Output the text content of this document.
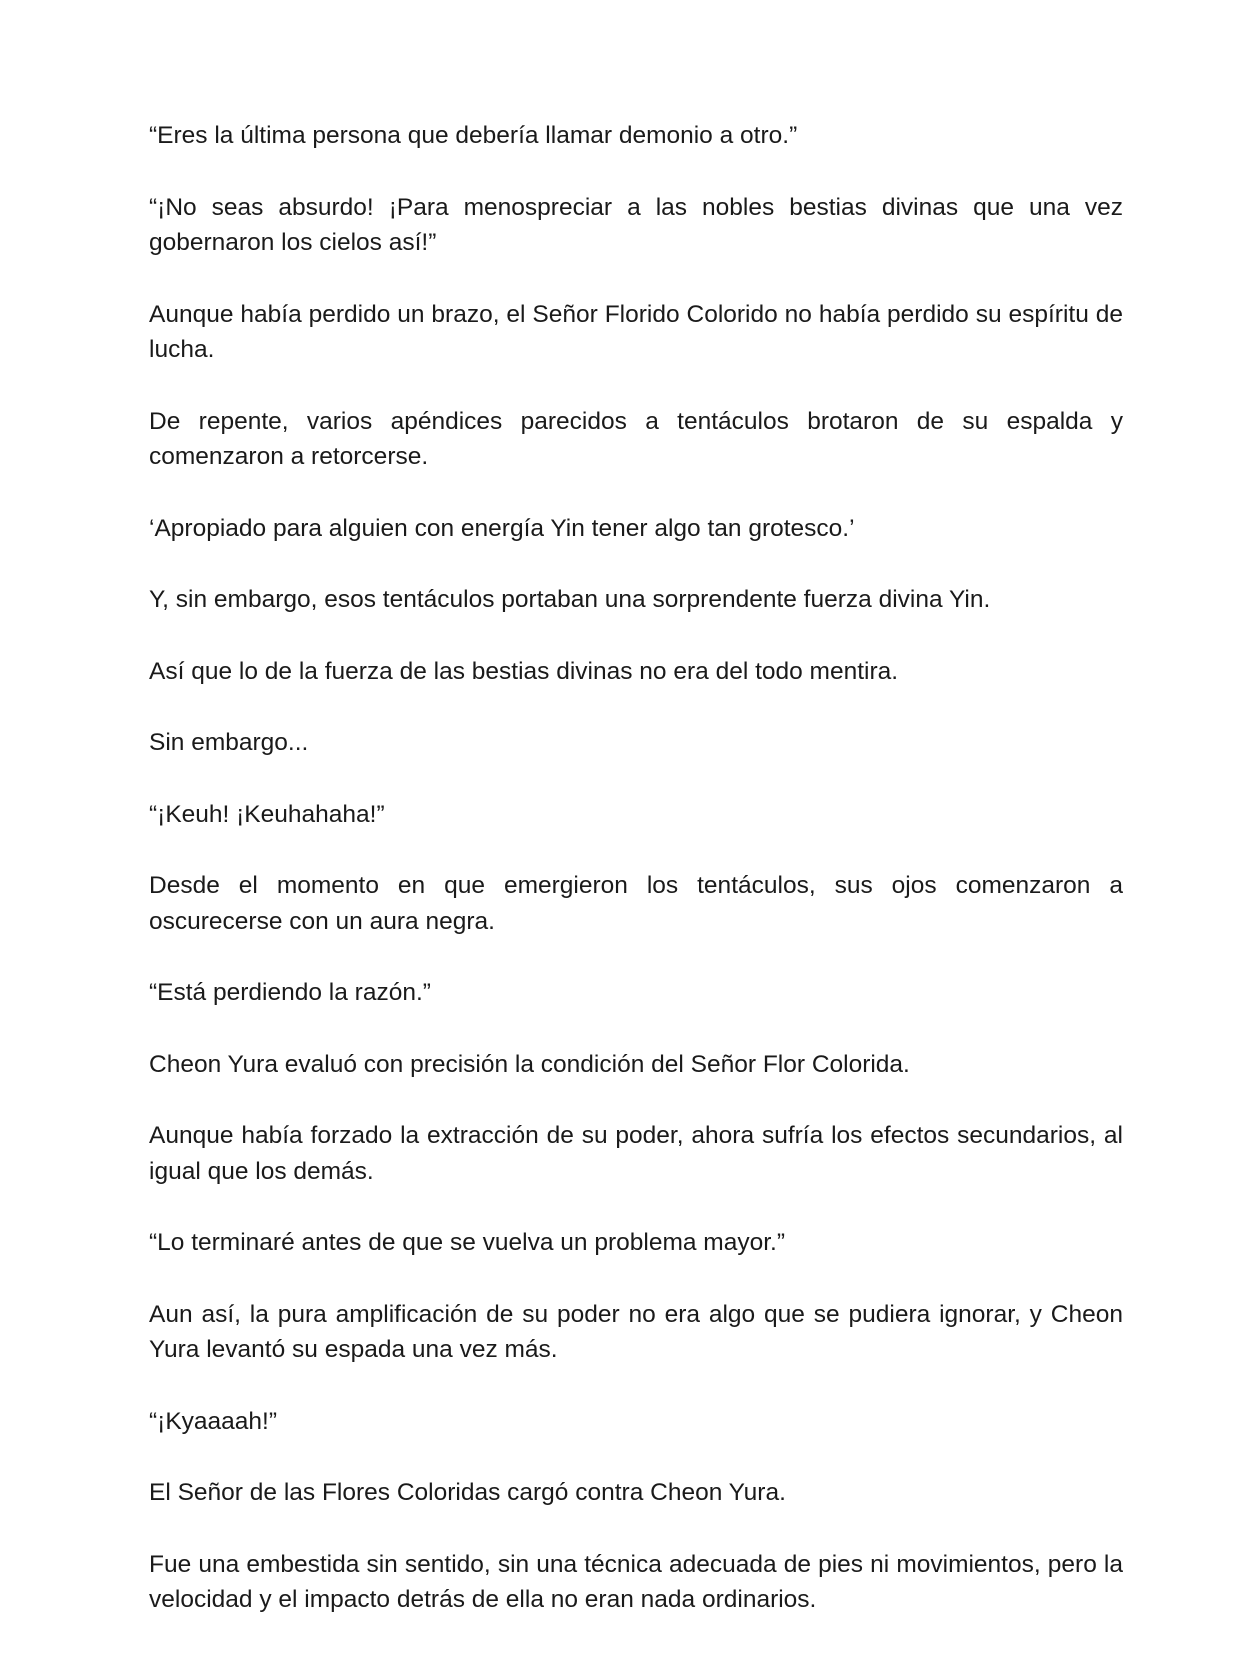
“Eres la última persona que debería llamar demonio a otro.”

“¡No seas absurdo! ¡Para menospreciar a las nobles bestias divinas que una vez gobernaron los cielos así!”

Aunque había perdido un brazo, el Señor Florido Colorido no había perdido su espíritu de lucha.

De repente, varios apéndices parecidos a tentáculos brotaron de su espalda y comenzaron a retorcerse.

‘Apropiado para alguien con energía Yin tener algo tan grotesco.’

Y, sin embargo, esos tentáculos portaban una sorprendente fuerza divina Yin.

Así que lo de la fuerza de las bestias divinas no era del todo mentira.

Sin embargo...

“¡Keuh! ¡Keuhahaha!”

Desde el momento en que emergieron los tentáculos, sus ojos comenzaron a oscurecerse con un aura negra.

“Está perdiendo la razón.”

Cheon Yura evaluó con precisión la condición del Señor Flor Colorida.

Aunque había forzado la extracción de su poder, ahora sufría los efectos secundarios, al igual que los demás.

“Lo terminaré antes de que se vuelva un problema mayor.”

Aun así, la pura amplificación de su poder no era algo que se pudiera ignorar, y Cheon Yura levantó su espada una vez más.

“¡Kyaaaah!”

El Señor de las Flores Coloridas cargó contra Cheon Yura.

Fue una embestida sin sentido, sin una técnica adecuada de pies ni movimientos, pero la velocidad y el impacto detrás de ella no eran nada ordinarios.
